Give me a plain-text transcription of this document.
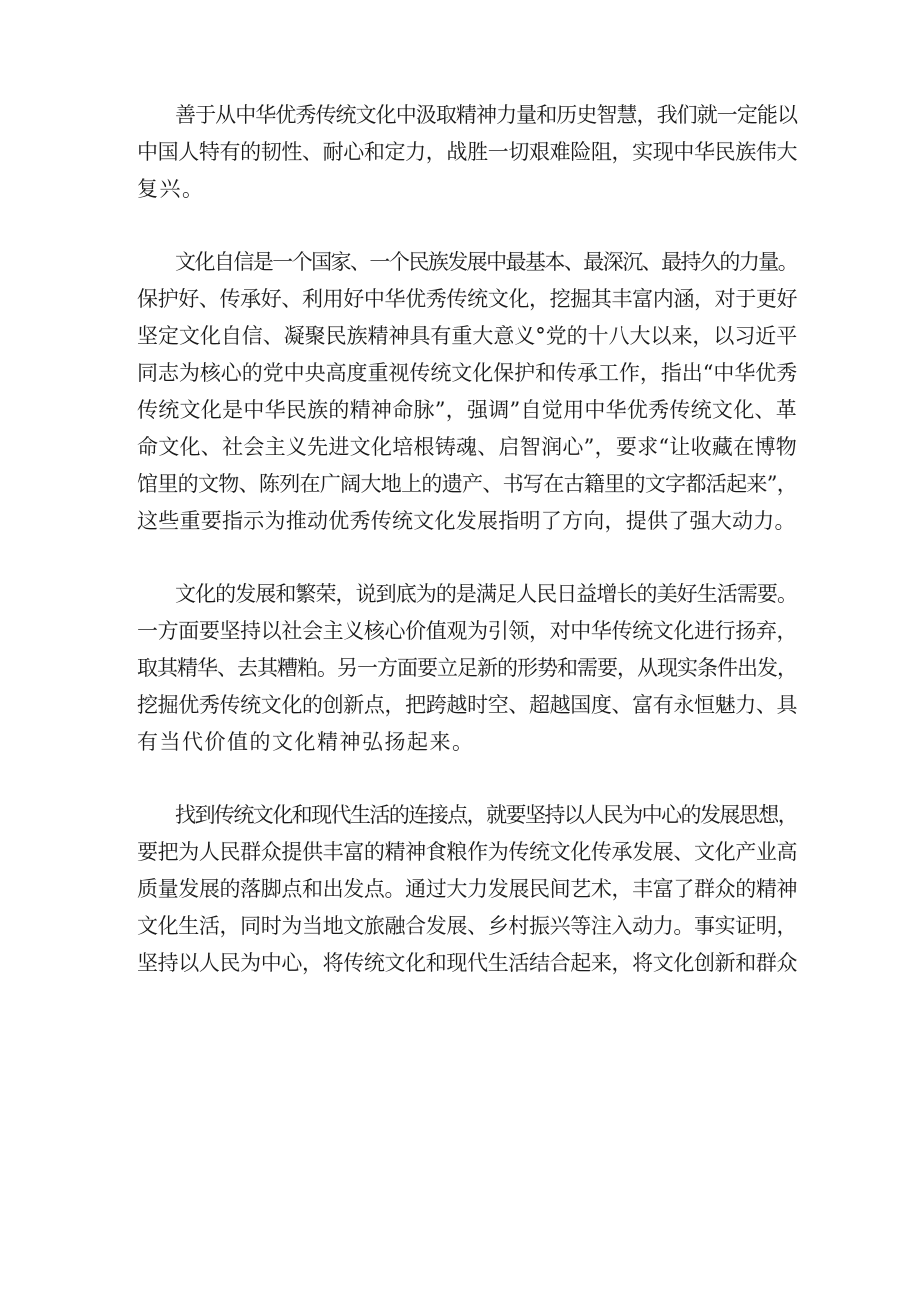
善于从中华优秀传统文化中汲取精神力量和历史智慧，我们就一定能以
中国人特有的韧性、耐心和定力，战胜一切艰难险阻，实现中华民族伟大
复兴。
文化自信是一个国家、一个民族发展中最基本、最深沉、最持久的力量。
保护好、传承好、利用好中华优秀传统文化，挖掘其丰富内涵，对于更好
坚定文化自信、凝聚民族精神具有重大意义°党的十八大以来，以习近平
同志为核心的党中央高度重视传统文化保护和传承工作，指出“中华优秀
传统文化是中华民族的精神命脉”，强调”自觉用中华优秀传统文化、革
命文化、社会主义先进文化培根铸魂、启智润心”，要求“让收藏在博物
馆里的文物、陈列在广阔大地上的遗产、书写在古籍里的文字都活起来”，
这些重要指示为推动优秀传统文化发展指明了方向，提供了强大动力。
文化的发展和繁荣，说到底为的是满足人民日益增长的美好生活需要。
一方面要坚持以社会主义核心价值观为引领，对中华传统文化进行扬弃，
取其精华、去其糟粕。另一方面要立足新的形势和需要，从现实条件出发，
挖掘优秀传统文化的创新点，把跨越时空、超越国度、富有永恒魅力、具
有当代价值的文化精神弘扬起来。
找到传统文化和现代生活的连接点，就要坚持以人民为中心的发展思想，
要把为人民群众提供丰富的精神食粮作为传统文化传承发展、文化产业高
质量发展的落脚点和出发点。通过大力发展民间艺术，丰富了群众的精神
文化生活，同时为当地文旅融合发展、乡村振兴等注入动力。事实证明，
坚持以人民为中心，将传统文化和现代生活结合起来，将文化创新和群众
